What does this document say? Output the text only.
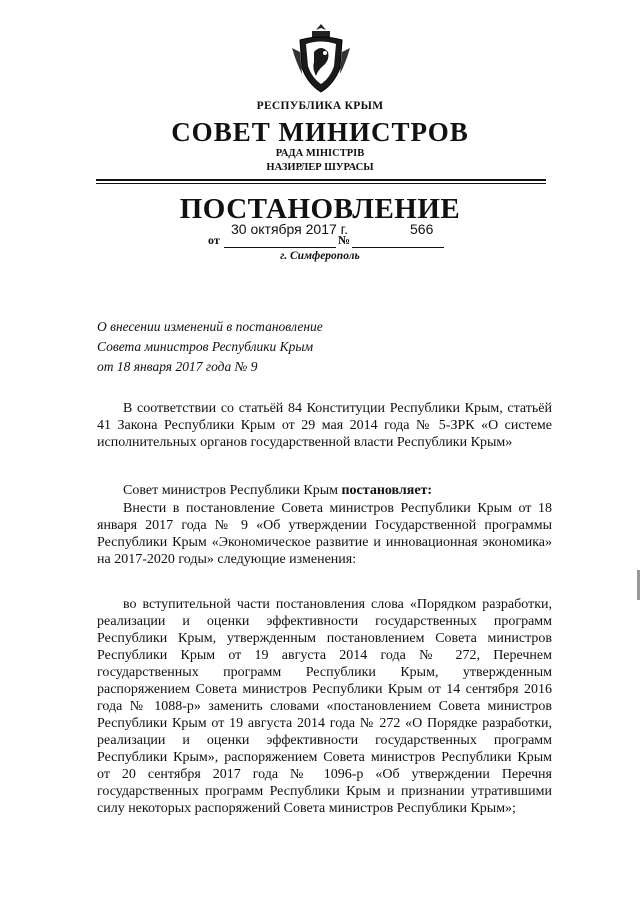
РЕСПУБЛИКА КРЫМ
СОВЕТ МИНИСТРОВ
РАДА МІНІСТРІВ
НАЗИРЛЕР ШУРАСЫ
ПОСТАНОВЛЕНИЕ
30 октября 2017 г.	566
от	№
г. Симферополь
О внесении изменений в постановление
Совета министров Республики Крым
от 18 января 2017 года № 9

В соответствии со статьёй 84 Конституции Республики Крым, статьёй 41 Закона Республики Крым от 29 мая 2014 года № 5-ЗРК «О системе исполнительных органов государственной власти Республики Крым»

Совет министров Республики Крым постановляет:

Внести в постановление Совета министров Республики Крым от 18 января 2017 года № 9 «Об утверждении Государственной программы Республики Крым «Экономическое развитие и инновационная экономика» на 2017-2020 годы» следующие изменения:

во вступительной части постановления слова «Порядком разработки, реализации и оценки эффективности государственных программ Республики Крым, утвержденным постановлением Совета министров Республики Крым от 19 августа 2014 года № 272, Перечнем государственных программ Республики Крым, утвержденным распоряжением Совета министров Республики Крым от 14 сентября 2016 года № 1088-р» заменить словами «постановлением Совета министров Республики Крым от 19 августа 2014 года № 272 «О Порядке разработки, реализации и оценки эффективности государственных программ Республики Крым», распоряжением Совета министров Республики Крым от 20 сентября 2017 года № 1096-р «Об утверждении Перечня государственных программ Республики Крым и признании утратившими силу некоторых распоряжений Совета министров Республики Крым»;
